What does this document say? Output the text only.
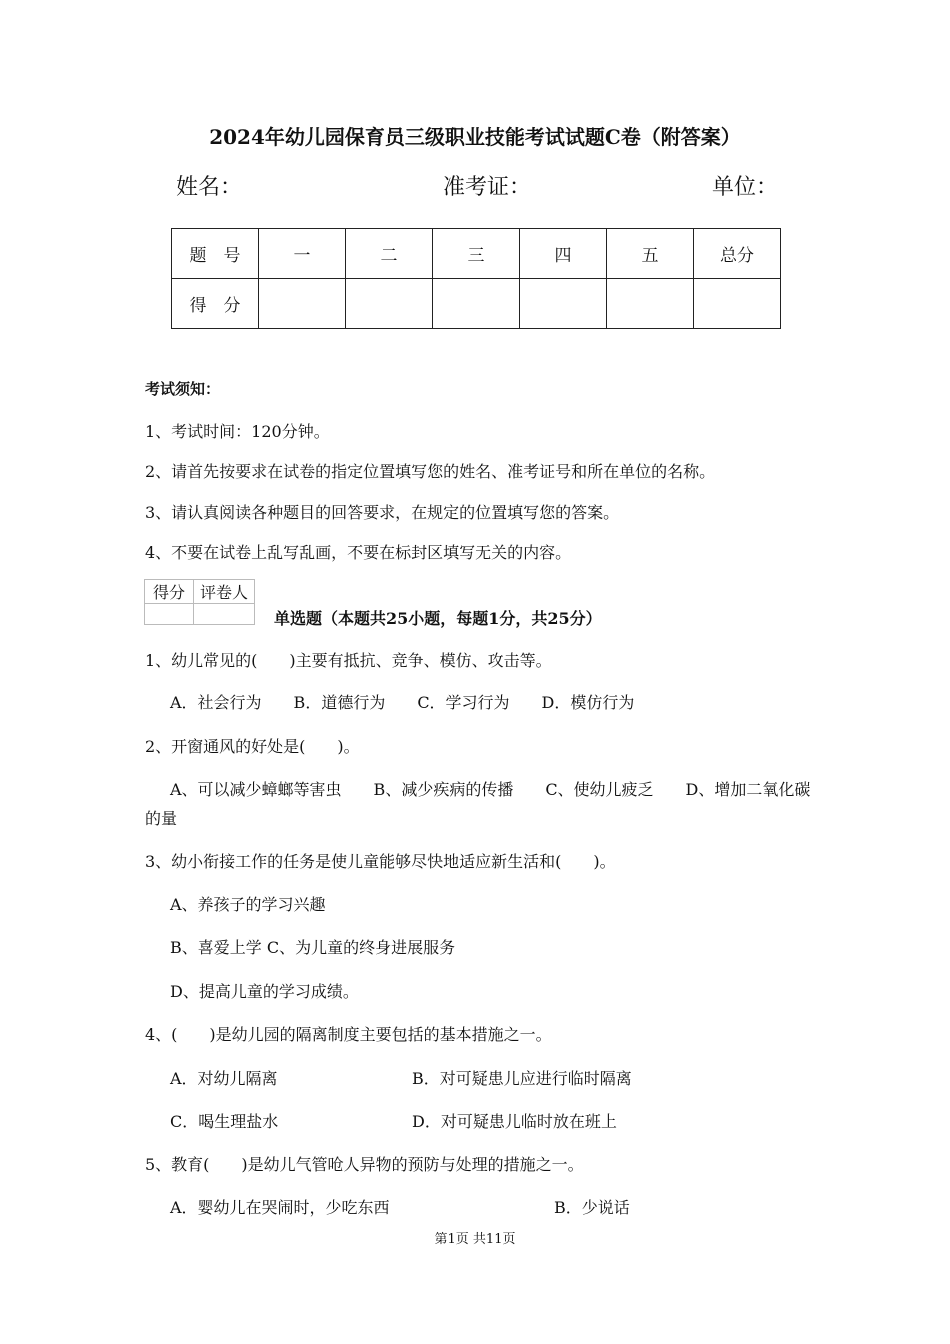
2024年幼儿园保育员三级职业技能考试试题C卷（附答案）
姓名：	准考证：	单位：
题　号	一	二	三	四	五	总分
得　分						
考试须知：
1、考试时间：120分钟。
2、请首先按要求在试卷的指定位置填写您的姓名、准考证号和所在单位的名称。
3、请认真阅读各种题目的回答要求，在规定的位置填写您的答案。
4、不要在试卷上乱写乱画，不要在标封区填写无关的内容。
得分	评卷人

单选题（本题共25小题，每题1分，共25分）
1、幼儿常见的(　　)主要有抵抗、竞争、模仿、攻击等。
A．社会行为　　B．道德行为　　C．学习行为　　D．模仿行为
2、开窗通风的好处是(　　)。
A、可以减少蟑螂等害虫　　B、减少疾病的传播　　C、使幼儿疲乏　　D、增加二氧化碳
的量
3、幼小衔接工作的任务是使儿童能够尽快地适应新生活和(　　)。
A、养孩子的学习兴趣
B、喜爱上学 C、为儿童的终身进展服务
D、提高儿童的学习成绩。
4、(　　)是幼儿园的隔离制度主要包括的基本措施之一。
A．对幼儿隔离	B．对可疑患儿应进行临时隔离
C．喝生理盐水	D．对可疑患儿临时放在班上
5、教育(　　)是幼儿气管呛人异物的预防与处理的措施之一。
A．婴幼儿在哭闹时，少吃东西	B．少说话
第1页 共11页
